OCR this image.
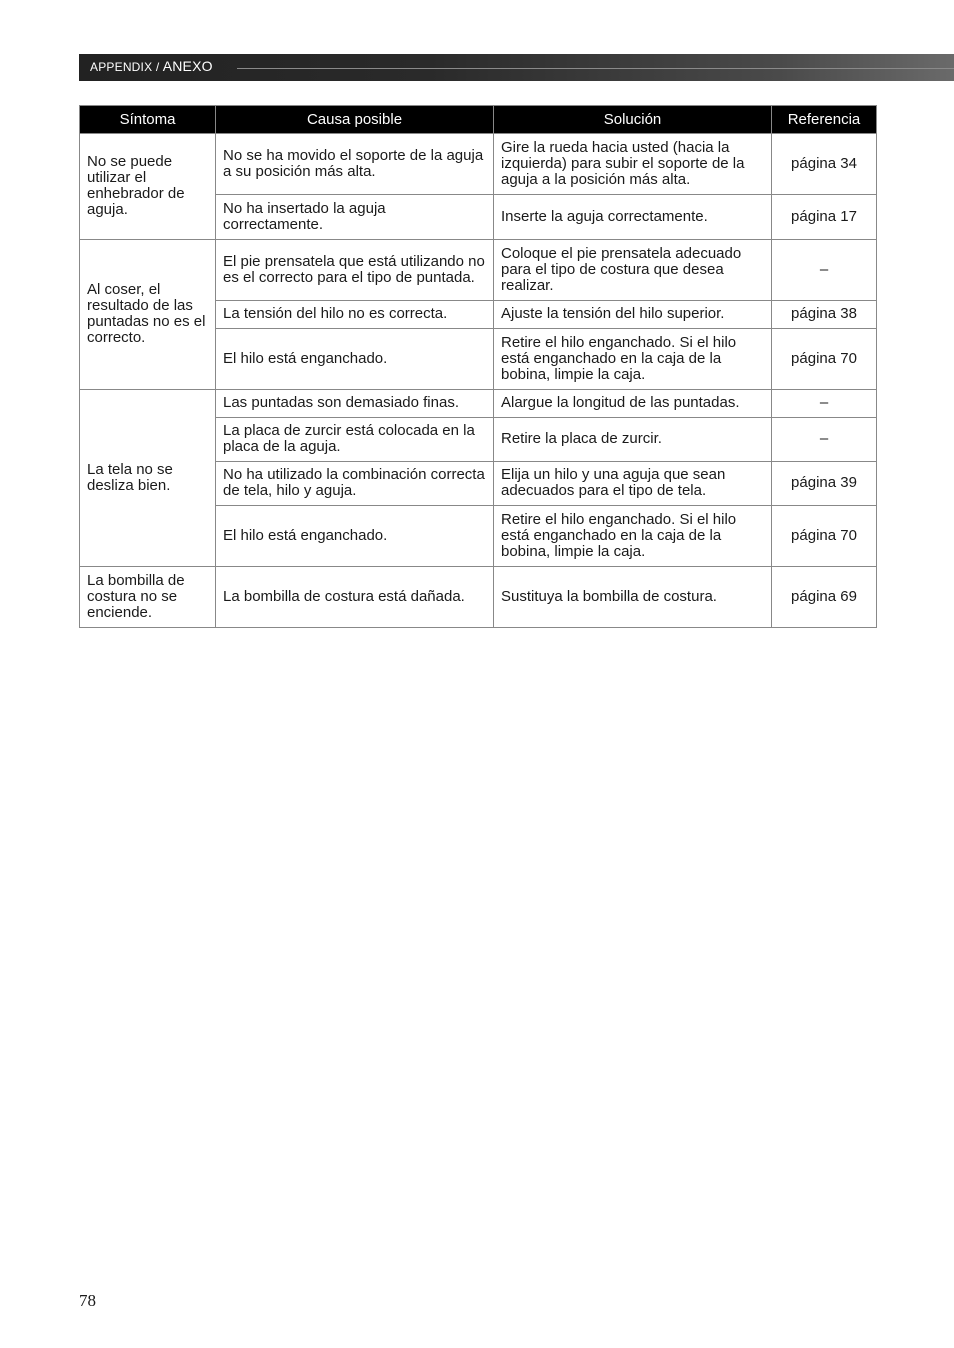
APPENDIX / ANEXO
Síntoma	Causa posible	Solución	Referencia
No se puede utilizar el enhebrador de aguja.	No se ha movido el soporte de la aguja a su posición más alta.	Gire la rueda hacia usted (hacia la izquierda) para subir el soporte de la aguja a la posición más alta.	página 34
	No ha insertado la aguja correctamente.	Inserte la aguja correctamente.	página 17
Al coser, el resultado de las puntadas no es el correcto.	El pie prensatela que está utilizando no es el correcto para el tipo de puntada.	Coloque el pie prensatela adecuado para el tipo de costura que desea realizar.	–
	La tensión del hilo no es correcta.	Ajuste la tensión del hilo superior.	página 38
	El hilo está enganchado.	Retire el hilo enganchado. Si el hilo está enganchado en la caja de la bobina, limpie la caja.	página 70
La tela no se desliza bien.	Las puntadas son demasiado finas.	Alargue la longitud de las puntadas.	–
	La placa de zurcir está colocada en la placa de la aguja.	Retire la placa de zurcir.	–
	No ha utilizado la combinación correcta de tela, hilo y aguja.	Elija un hilo y una aguja que sean adecuados para el tipo de tela.	página 39
	El hilo está enganchado.	Retire el hilo enganchado. Si el hilo está enganchado en la caja de la bobina, limpie la caja.	página 70
La bombilla de costura no se enciende.	La bombilla de costura está dañada.	Sustituya la bombilla de costura.	página 69
78
